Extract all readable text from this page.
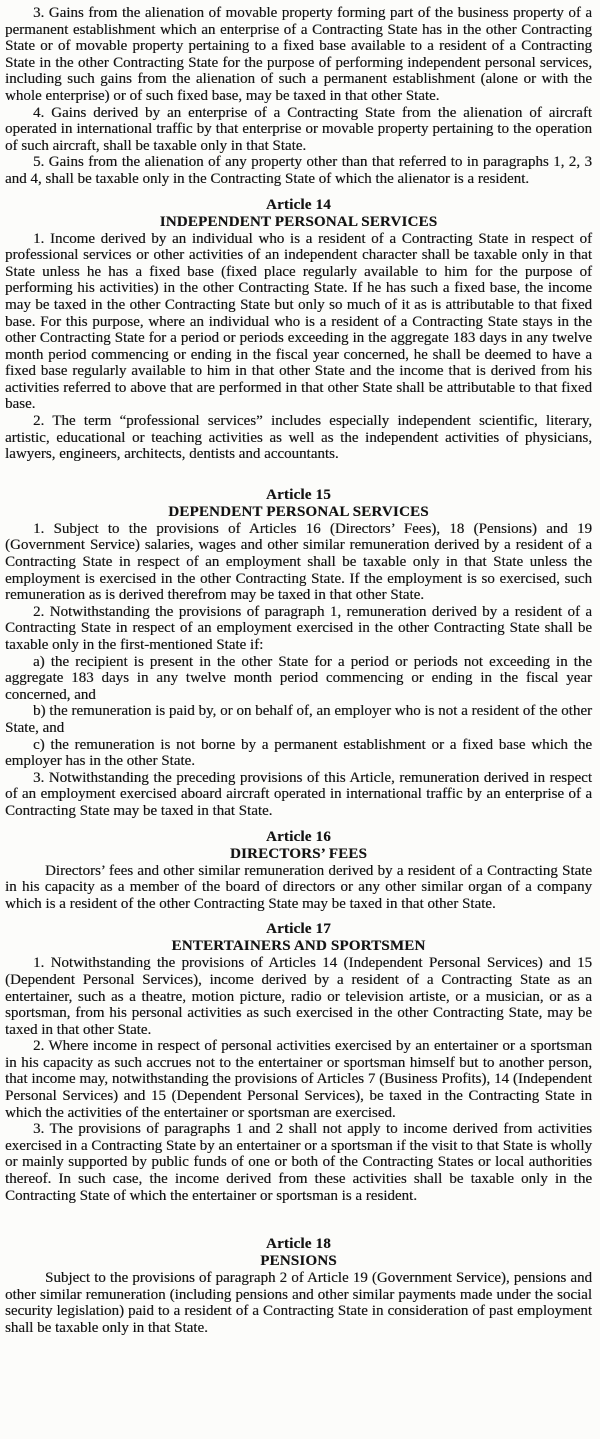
3. Gains from the alienation of movable property forming part of the business property of a permanent establishment which an enterprise of a Contracting State has in the other Contracting State or of movable property pertaining to a fixed base available to a resident of a Contracting State in the other Contracting State for the purpose of performing independent personal services, including such gains from the alienation of such a permanent establishment (alone or with the whole enterprise) or of such fixed base, may be taxed in that other State.

4. Gains derived by an enterprise of a Contracting State from the alienation of aircraft operated in international traffic by that enterprise or movable property pertaining to the operation of such aircraft, shall be taxable only in that State.

5. Gains from the alienation of any property other than that referred to in paragraphs 1, 2, 3 and 4, shall be taxable only in the Contracting State of which the alienator is a resident.

Article 14
INDEPENDENT PERSONAL SERVICES

1. Income derived by an individual who is a resident of a Contracting State in respect of professional services or other activities of an independent character shall be taxable only in that State unless he has a fixed base (fixed place regularly available to him for the purpose of performing his activities) in the other Contracting State. If he has such a fixed base, the income may be taxed in the other Contracting State but only so much of it as is attributable to that fixed base. For this purpose, where an individual who is a resident of a Contracting State stays in the other Contracting State for a period or periods exceeding in the aggregate 183 days in any twelve month period commencing or ending in the fiscal year concerned, he shall be deemed to have a fixed base regularly available to him in that other State and the income that is derived from his activities referred to above that are performed in that other State shall be attributable to that fixed base.

2. The term “professional services” includes especially independent scientific, literary, artistic, educational or teaching activities as well as the independent activities of physicians, lawyers, engineers, architects, dentists and accountants.

Article 15
DEPENDENT PERSONAL SERVICES

1. Subject to the provisions of Articles 16 (Directors’ Fees), 18 (Pensions) and 19 (Government Service) salaries, wages and other similar remuneration derived by a resident of a Contracting State in respect of an employment shall be taxable only in that State unless the employment is exercised in the other Contracting State. If the employment is so exercised, such remuneration as is derived therefrom may be taxed in that other State.

2. Notwithstanding the provisions of paragraph 1, remuneration derived by a resident of a Contracting State in respect of an employment exercised in the other Contracting State shall be taxable only in the first-mentioned State if:

a) the recipient is present in the other State for a period or periods not exceeding in the aggregate 183 days in any twelve month period commencing or ending in the fiscal year concerned, and

b) the remuneration is paid by, or on behalf of, an employer who is not a resident of the other State, and

c) the remuneration is not borne by a permanent establishment or a fixed base which the employer has in the other State.

3. Notwithstanding the preceding provisions of this Article, remuneration derived in respect of an employment exercised aboard aircraft operated in international traffic by an enterprise of a Contracting State may be taxed in that State.

Article 16
DIRECTORS’ FEES

Directors’ fees and other similar remuneration derived by a resident of a Contracting State in his capacity as a member of the board of directors or any other similar organ of a company which is a resident of the other Contracting State may be taxed in that other State.

Article 17
ENTERTAINERS AND SPORTSMEN

1. Notwithstanding the provisions of Articles 14 (Independent Personal Services) and 15 (Dependent Personal Services), income derived by a resident of a Contracting State as an entertainer, such as a theatre, motion picture, radio or television artiste, or a musician, or as a sportsman, from his personal activities as such exercised in the other Contracting State, may be taxed in that other State.

2. Where income in respect of personal activities exercised by an entertainer or a sportsman in his capacity as such accrues not to the entertainer or sportsman himself but to another person, that income may, notwithstanding the provisions of Articles 7 (Business Profits), 14 (Independent Personal Services) and 15 (Dependent Personal Services), be taxed in the Contracting State in which the activities of the entertainer or sportsman are exercised.

3. The provisions of paragraphs 1 and 2 shall not apply to income derived from activities exercised in a Contracting State by an entertainer or a sportsman if the visit to that State is wholly or mainly supported by public funds of one or both of the Contracting States or local authorities thereof. In such case, the income derived from these activities shall be taxable only in the Contracting State of which the entertainer or sportsman is a resident.

Article 18
PENSIONS

Subject to the provisions of paragraph 2 of Article 19 (Government Service), pensions and other similar remuneration (including pensions and other similar payments made under the social security legislation) paid to a resident of a Contracting State in consideration of past employment shall be taxable only in that State.
